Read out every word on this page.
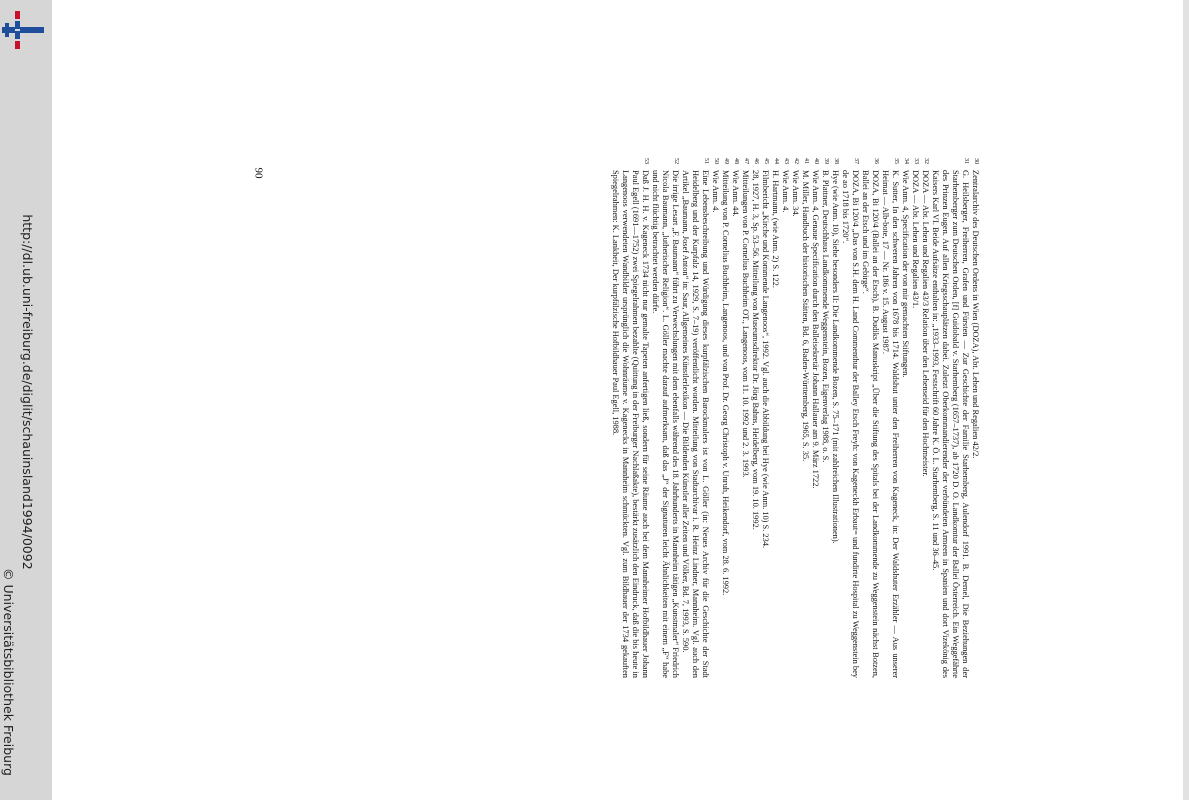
http://dl.ub.uni-freiburg.de/diglit/schauinsland1994/0092
© Universitätsbibliothek Freiburg
90
30
Zentralarchiv des Deutschen Ordens in Wien (DOZA), Abt. Lehen und Regalien 42/2.
31
G. Heilsberger, Freiherren, Grafen und Fürsten — Zur Geschichte der Familie Starhemberg, Aulendorf 1991. B. Demel, Die Beziehungen der Starhemberger zum Deutschen Orden, [f] Guidobald v. Starhemberg (1657–1737), ab 1720 D. O. Landkomtur der Ballei Österreich. Ein Weggefährte des Prinzen Eugen. Auf allen Kriegsschauplätzen dabei. Zuletzt Oberkommandierender der verbündeten Armeen in Spanien und dort Vizekönig des Kaisers Karl VI. Beide Aufsätze enthalten in: „1933–1993, Festschrift 60 Jahre K. Ö. L. Starhemberg, S. 11 und 36–45.
32
DOZA — Abt. Lehen und Regalien 43/3 Relation über den Lehenseid für den Hochmeister.
33
DOZA — Abt. Lehen und Regalien 43/1.
34
Wie Anm. 4, Specification der von mir gemachten Stiftungen.
35
K. Sutter, In den schweren Jahren von 1678 bis 1714. Waldshut unter den Freiherren von Kageneck, in: Der Waldshuter Erzähler — Aus unserer Heimat — Alb-bote, 17 — Nr. 186 v. 15. August 1987.
36
DOZA, Bi 120/4 (Ballei an der Etsch), B. Dudiks Manuskript „Über die Stiftung des Spitals bei der Landkommende zu Weggenstein nächst Botzen, Ballei an der Etsch und im Gebirge“.
37
DOZA, Bi 120/4 „Das von S.H. dem H. Land Commenthur der Balley Etsch Freyh: von Kageneckh Erbaut= und fundirte Hospital zu Weggenstein bey de ao 1718 bis 1720“.
38
Hye (wie Anm. 10), Siehe besonders II: Die Landkommende Bozen, S. 75–171 (mit zahlreichen Illustrationen).
39
B. Plattner, Deutschhaus Landkommende Weggenstein, Bozen, Eigenverlag 1988, o. S.
40
Wie Anm. 4, Genaue Specification durch den Balleisekretär Johann Hallauer am 9. März 1722.
41
M. Miller, Handbuch der historischen Stätten, Bd. 6, Baden-Württemberg, 1965, S. 35.
42
Wie Anm. 34.
43
Wie Anm. 4.
44
H. Hartmann, (wie Anm. 2) S. 122.
45
Filmbericht „Kirche und Kommende Langenoos“, 1992. Vgl. auch die Abbildung bei Hye (wie Anm. 10) S. 234.
46
28, 1927, H. 3, Sp. 53–56. Mitteilung von Museumsdirektor Dr. Jörg Bahns, Heidelberg, vom 19. 10. 1992.
47
Mitteilungen von P. Cornelius Buchheim OT., Langenoos, vom 11. 10. 1992 und 2. 3. 1993.
48
Wie Anm. 44.
49
Mitteilung von P. Cornelius Buchheim, Langenoos, und von Prof. Dr. Georg Christoph v. Unruh, Heikendorf, vom 28. 6. 1992.
50
Wie Anm. 4.
51
Eine Lebensbeschreibung und Würdigung dieses kurpfälzischen Barockmalers ist von L. Göller (in: Neues Archiv für die Geschichte der Stadt Heidelberg und der Kurpfalz 14, 1929, S. 7–19) veröffentlicht worden. Mitteilung von Stadtarchivar i. R. Heinz Lindner, Mannheim. Vgl. auch den Artikel „Baumann, Josef Anton“ in: Saur, Allgemeines Künstlerlexikon — Die Bildenden Künstler aller Zeiten und Völker, Bd. 7, 1993, S. 590.
52
Die irrige Lesart „F. Baumann“ führt zu Verwechslungen mit dem ebenfalls während des 18. Jahrhunderts in Mannheim tätigen „Kunstmaler“ Friedrich Nicola Baumann, „lutherischer Religion“. L. Göller machte darauf aufmerksam, daß das „J“ der Signaturen leicht Ähnlichkeiten mit einem „F“ habe und nicht flüchtig betrachtet werden dürfe.
53
Daß J. H. H. v. Kageneck 1734 nicht nur gemalte Tapeten anfertigen ließ, sondern für seine Räume auch bei dem Mannheimer Hofbildhauer Johann Paul Egell (1691—1752) zwei Spiegelrahmen bezahlte (Quittung in der Freiburger Nachlaßakte), bestärkt zusätzlich den Eindruck, daß die bis heute in Langenoos verwendeten Wandbilder ursprünglich die Wohnräume v. Kagenecks in Mannheim schmückten. Vgl. zum Bildhauer der 1734 gekauften Spiegelrahmen: K. Lankheit, Der kurpfälzische Hofbildhauer Paul Egell, 1988.
